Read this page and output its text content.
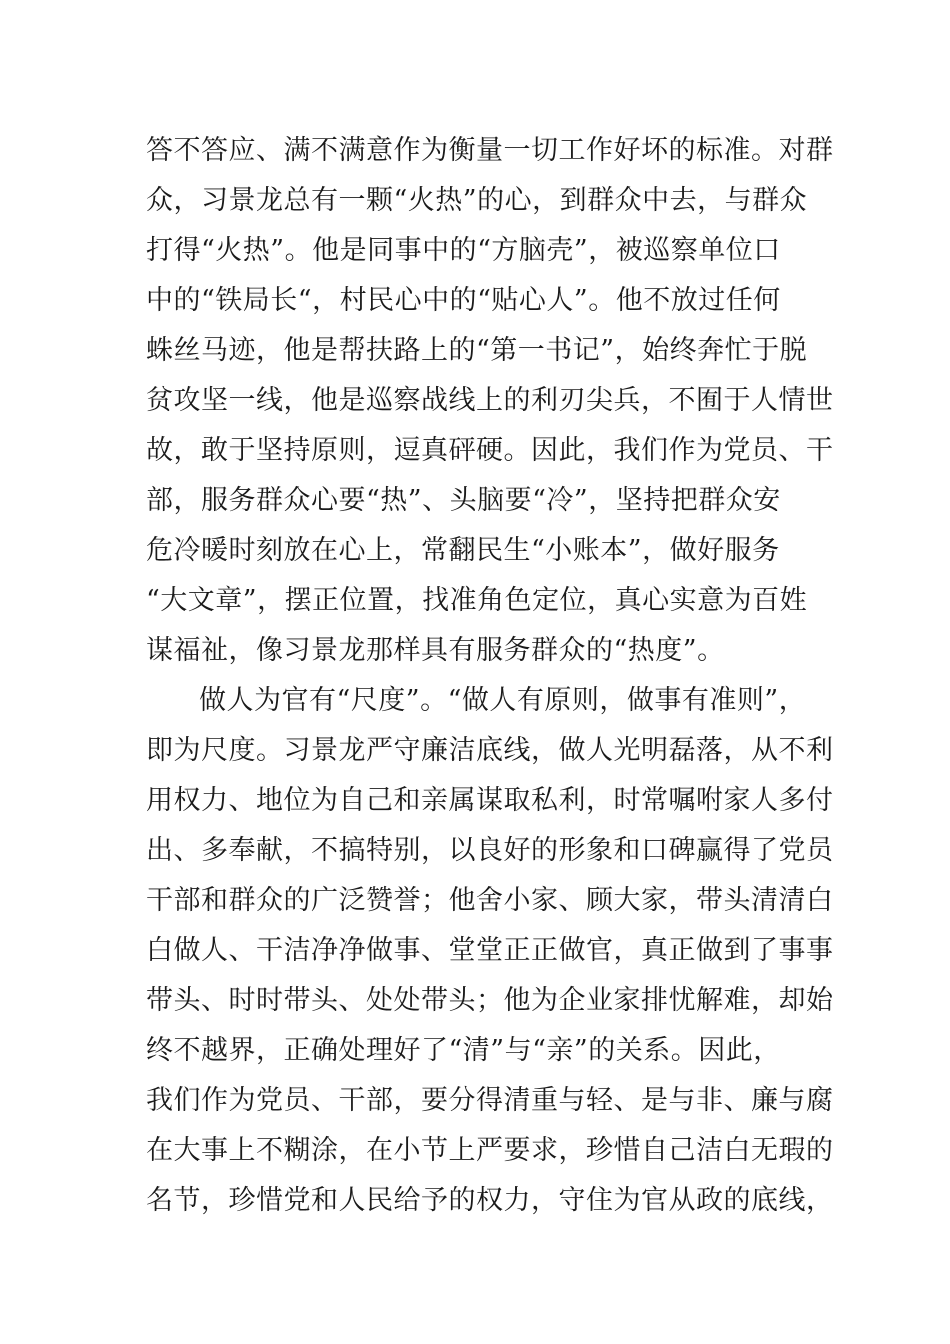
答不答应、满不满意作为衡量一切工作好坏的标准。对群
众，习景龙总有一颗“火热”的心，到群众中去，与群众
打得“火热”。他是同事中的“方脑壳”，被巡察单位口
中的“铁局长“，村民心中的“贴心人”。他不放过任何
蛛丝马迹，他是帮扶路上的“第一书记”，始终奔忙于脱
贫攻坚一线，他是巡察战线上的利刃尖兵，不囿于人情世
故，敢于坚持原则，逗真砰硬。因此，我们作为党员、干
部，服务群众心要“热”、头脑要“冷”，坚持把群众安
危冷暖时刻放在心上，常翻民生“小账本”，做好服务
“大文章”，摆正位置，找准角色定位，真心实意为百姓
谋福祉，像习景龙那样具有服务群众的“热度”。
做人为官有“尺度”。“做人有原则，做事有准则”，
即为尺度。习景龙严守廉洁底线，做人光明磊落，从不利
用权力、地位为自己和亲属谋取私利，时常嘱咐家人多付
出、多奉献，不搞特别，以良好的形象和口碑赢得了党员
干部和群众的广泛赞誉；他舍小家、顾大家，带头清清白
白做人、干洁净净做事、堂堂正正做官，真正做到了事事
带头、时时带头、处处带头；他为企业家排忧解难，却始
终不越界，正确处理好了“清”与“亲”的关系。因此，
我们作为党员、干部，要分得清重与轻、是与非、廉与腐
在大事上不糊涂，在小节上严要求，珍惜自己洁白无瑕的
名节，珍惜党和人民给予的权力，守住为官从政的底线，
